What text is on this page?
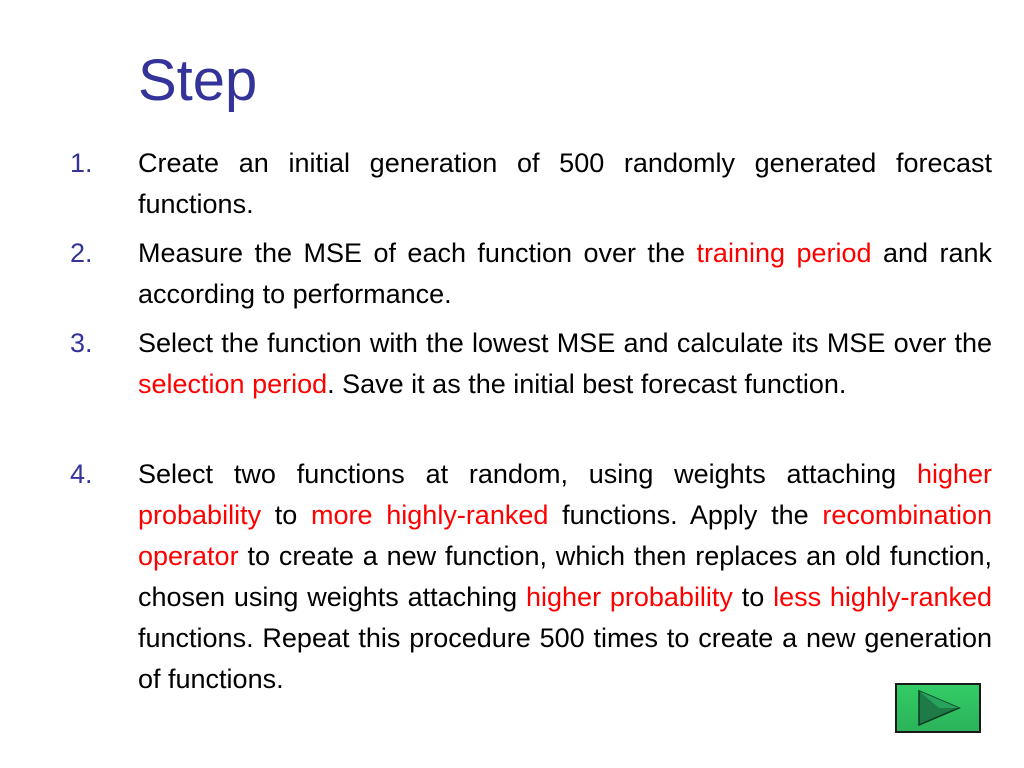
Step
1. Create an initial generation of 500 randomly generated forecast functions.
2. Measure the MSE of each function over the training period and rank according to performance.
3. Select the function with the lowest MSE and calculate its MSE over the selection period. Save it as the initial best forecast function.
4. Select two functions at random, using weights attaching higher probability to more highly-ranked functions. Apply the recombination operator to create a new function, which then replaces an old function, chosen using weights attaching higher probability to less highly-ranked functions. Repeat this procedure 500 times to create a new generation of functions.
